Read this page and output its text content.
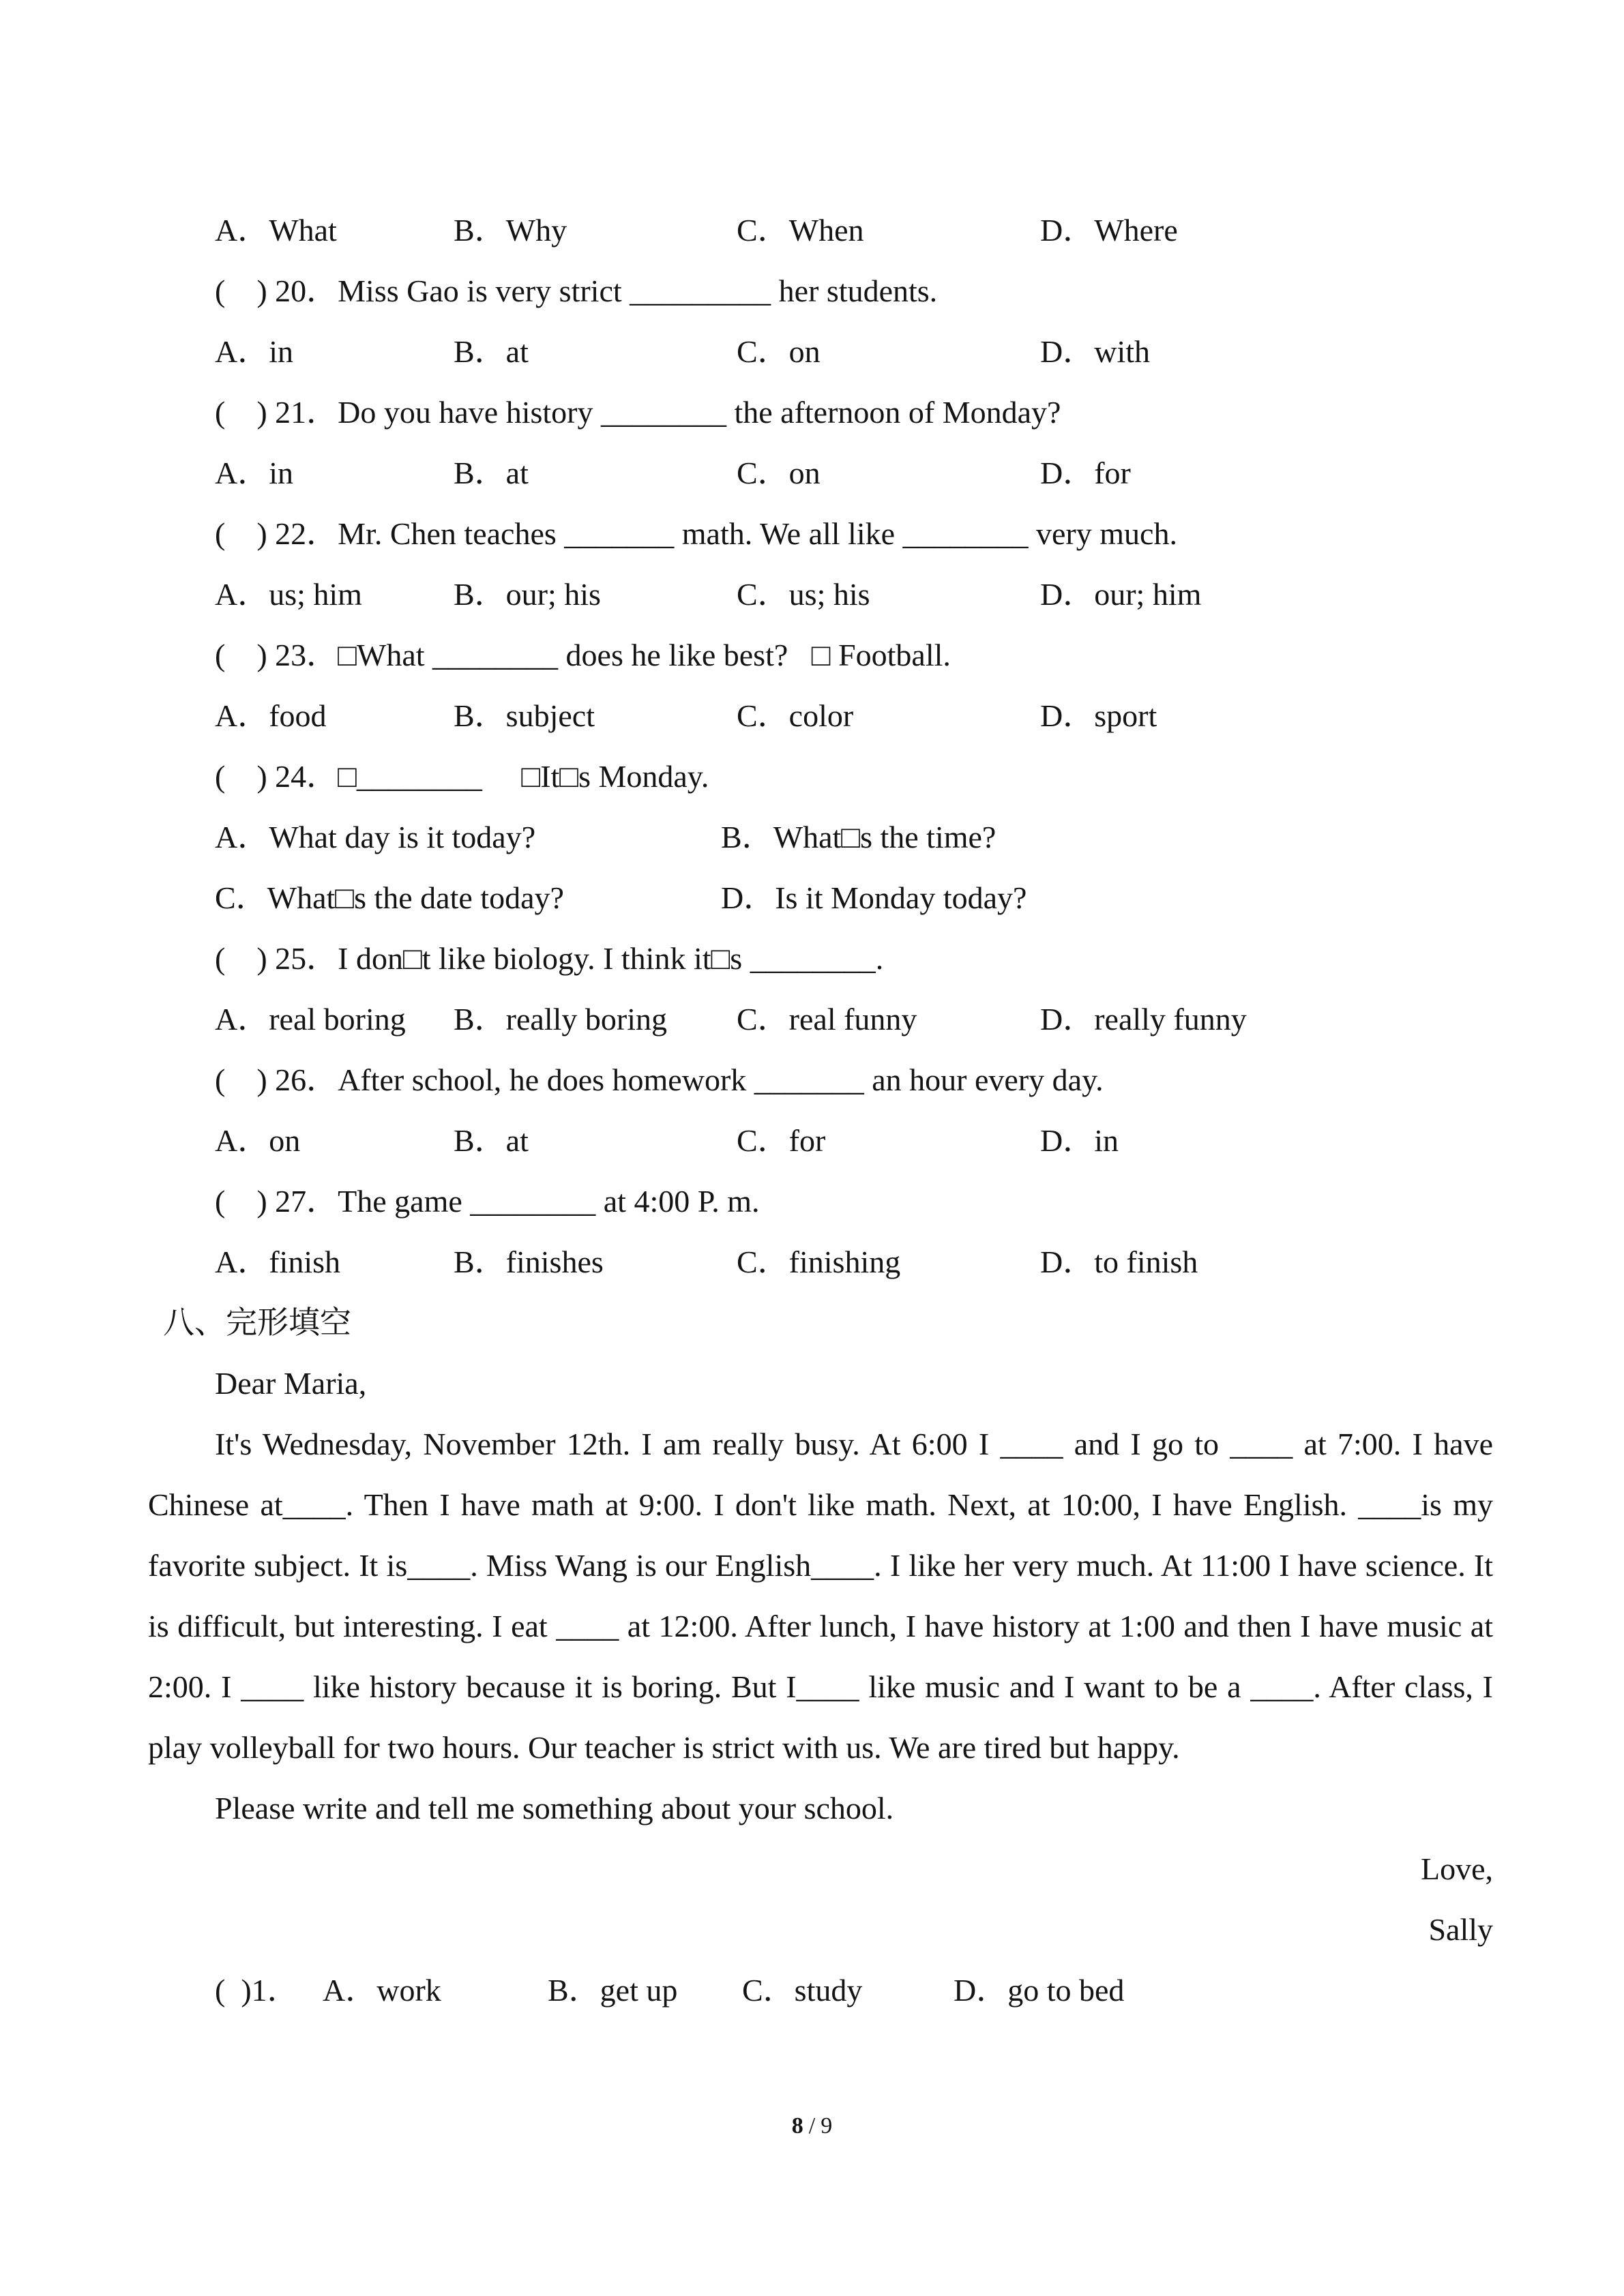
A．What	B．Why	C．When	D．Where
(    ) 20．Miss Gao is very strict _________ her students.
A．in	B．at	C．on	D．with
(    ) 21．Do you have history ________ the afternoon of Monday?
A．in	B．at	C．on	D．for
(    ) 22．Mr. Chen teaches _______ math. We all like ________ very much.
A．us; him	B．our; his	C．us; his	D．our; him
(    ) 23．□What ________ does he like best?   □ Football.
A．food	B．subject	C．color	D．sport
(    ) 24．□________     □It□s Monday.
A．What day is it today?	B．What□s the time?
C．What□s the date today?	D．Is it Monday today?
(    ) 25．I don□t like biology. I think it□s ________.
A．real boring	B．really boring	C．real funny	D．really funny
(    ) 26．After school, he does homework _______ an hour every day.
A．on	B．at	C．for	D．in
(    ) 27．The game ________ at 4:00 P. m.
A．finish	B．finishes	C．finishing	D．to finish
八、完形填空
Dear Maria,
It's Wednesday, November 12th. I am really busy. At 6:00 I ____ and I go to ____ at 7:00. I have Chinese at____. Then I have math at 9:00. I don't like math. Next, at 10:00, I have English. ____is my favorite subject. It is____. Miss Wang is our English____. I like her very much. At 11:00 I have science. It is difficult, but interesting. I eat ____ at 12:00. After lunch, I have history at 1:00 and then I have music at 2:00. I ____ like history because it is boring. But I____ like music and I want to be a ____. After class, I play volleyball for two hours. Our teacher is strict with us. We are tired but happy.
Please write and tell me something about your school.
Love,
Sally
(  )1． A．work	B．get up	C．study	D．go to bed
8 / 9
